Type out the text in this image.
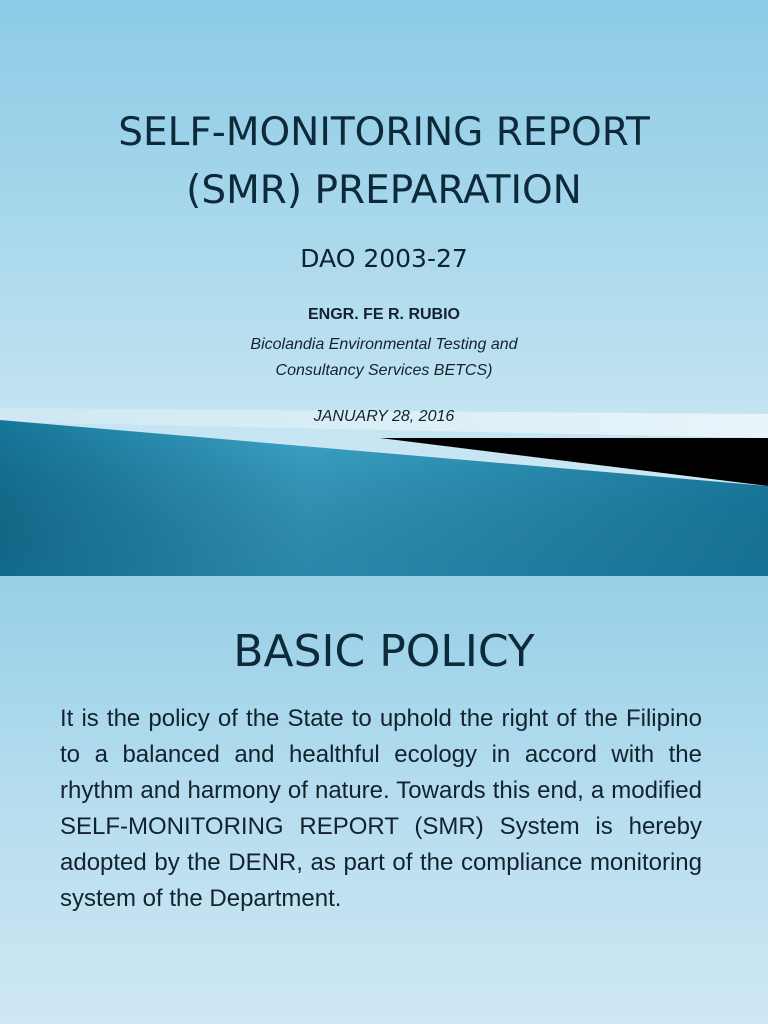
SELF-MONITORING REPORT
(SMR) PREPARATION
DAO 2003-27
ENGR. FE R. RUBIO
Bicolandia Environmental Testing and
Consultancy Services BETCS)
JANUARY 28, 2016
BASIC POLICY

It is the policy of the State to uphold the right of the Filipino to a balanced and healthful ecology in accord with the rhythm and harmony of nature. Towards this end, a modified SELF-MONITORING REPORT (SMR) System is hereby adopted by the DENR, as part of the compliance monitoring system of the Department.
